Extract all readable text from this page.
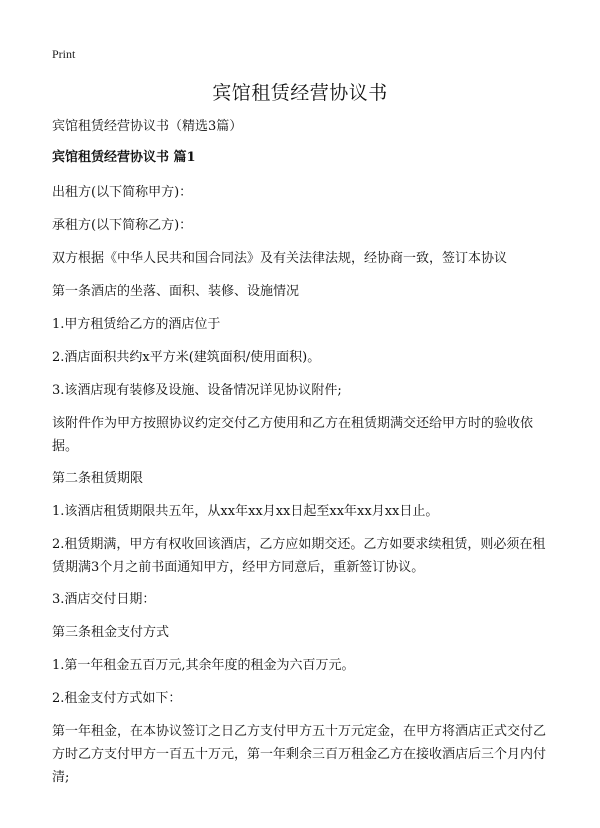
Print
宾馆租赁经营协议书

宾馆租赁经营协议书（精选3篇）

宾馆租赁经营协议书 篇1

出租方(以下简称甲方)：

承租方(以下简称乙方)：

双方根据《中华人民共和国合同法》及有关法律法规，经协商一致，签订本协议

第一条酒店的坐落、面积、装修、设施情况

1.甲方租赁给乙方的酒店位于

2.酒店面积共约x平方米(建筑面积/使用面积)。

3.该酒店现有装修及设施、设备情况详见协议附件;

该附件作为甲方按照协议约定交付乙方使用和乙方在租赁期满交还给甲方时的验收依据。

第二条租赁期限

1.该酒店租赁期限共五年，从xx年xx月xx日起至xx年xx月xx日止。

2.租赁期满，甲方有权收回该酒店，乙方应如期交还。乙方如要求续租赁，则必须在租赁期满3个月之前书面通知甲方，经甲方同意后，重新签订协议。

3.酒店交付日期：

第三条租金支付方式

1.第一年租金五百万元,其余年度的租金为六百万元。

2.租金支付方式如下：

第一年租金，在本协议签订之日乙方支付甲方五十万元定金，在甲方将酒店正式交付乙方时乙方支付甲方一百五十万元，第一年剩余三百万租金乙方在接收酒店后三个月内付清;
